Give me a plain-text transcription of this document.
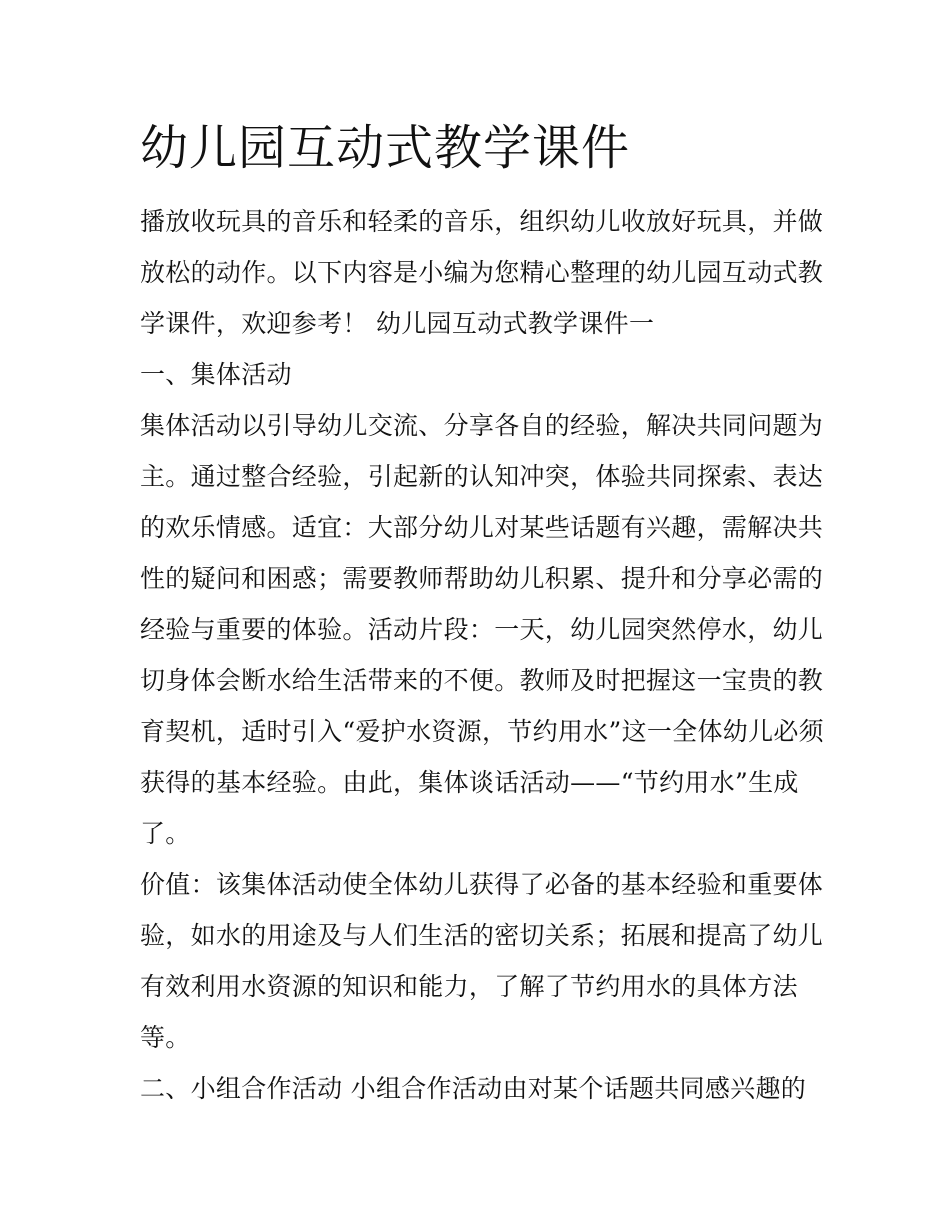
幼儿园互动式教学课件
播放收玩具的音乐和轻柔的音乐，组织幼儿收放好玩具，并做
放松的动作。以下内容是小编为您精心整理的幼儿园互动式教
学课件，欢迎参考！ 幼儿园互动式教学课件一
一、集体活动
集体活动以引导幼儿交流、分享各自的经验，解决共同问题为
主。通过整合经验，引起新的认知冲突，体验共同探索、表达
的欢乐情感。适宜：大部分幼儿对某些话题有兴趣，需解决共
性的疑问和困惑；需要教师帮助幼儿积累、提升和分享必需的
经验与重要的体验。活动片段：一天，幼儿园突然停水，幼儿
切身体会断水给生活带来的不便。教师及时把握这一宝贵的教
育契机，适时引入“爱护水资源，节约用水”这一全体幼儿必须
获得的基本经验。由此，集体谈话活动——“节约用水”生成
了。
价值：该集体活动使全体幼儿获得了必备的基本经验和重要体
验，如水的用途及与人们生活的密切关系；拓展和提高了幼儿
有效利用水资源的知识和能力，了解了节约用水的具体方法
等。
二、小组合作活动 小组合作活动由对某个话题共同感兴趣的
